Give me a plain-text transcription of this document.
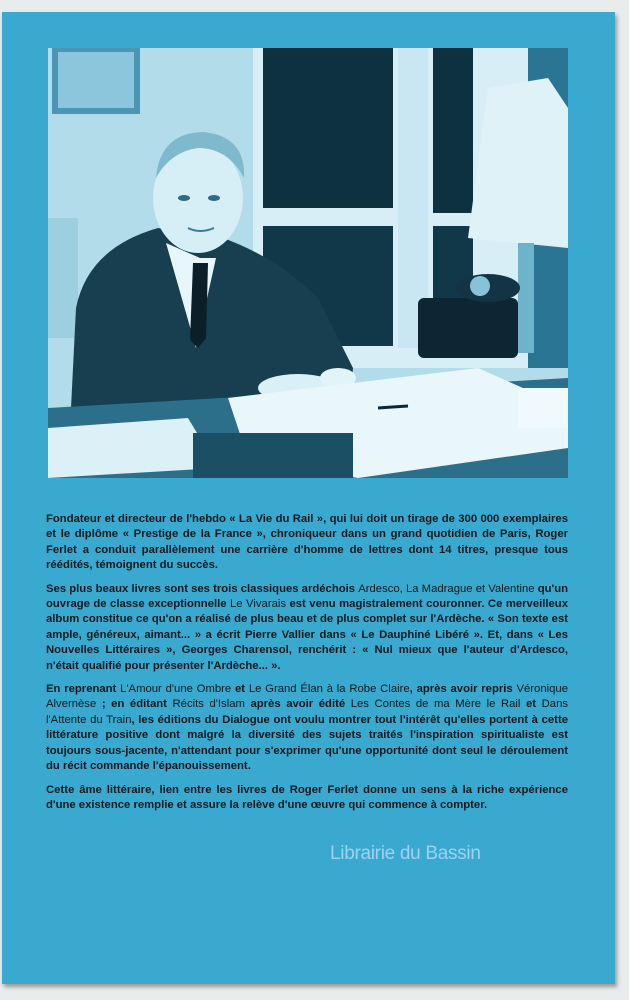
Fondateur et directeur de l'hebdo « La Vie du Rail », qui lui doit un tirage de 300 000 exemplaires et le diplôme « Prestige de la France », chroniqueur dans un grand quotidien de Paris, Roger Ferlet a conduit parallèlement une carrière d'homme de lettres dont 14 titres, presque tous réédités, témoignent du succès.

Ses plus beaux livres sont ses trois classiques ardéchois Ardesco, La Madrague et Valentine qu'un ouvrage de classe exceptionnelle Le Vivarais est venu magistralement couronner. Ce merveilleux album constitue ce qu'on a réalisé de plus beau et de plus complet sur l'Ardèche. « Son texte est ample, généreux, aimant... » a écrit Pierre Vallier dans « Le Dauphiné Libéré ». Et, dans « Les Nouvelles Littéraires », Georges Charensol, renchérit : « Nul mieux que l'auteur d'Ardesco, n'était qualifié pour présenter l'Ardèche... ».

En reprenant L'Amour d'une Ombre et Le Grand Élan à la Robe Claire, après avoir repris Véronique Alvernèse ; en éditant Récits d'Islam après avoir édité Les Contes de ma Mère le Rail et Dans l'Attente du Train, les éditions du Dialogue ont voulu montrer tout l'intérêt qu'elles portent à cette littérature positive dont malgré la diversité des sujets traités l'inspiration spiritualiste est toujours sous-jacente, n'attendant pour s'exprimer qu'une opportunité dont seul le déroulement du récit commande l'épanouissement.

Cette âme littéraire, lien entre les livres de Roger Ferlet donne un sens à la riche expérience d'une existence remplie et assure la relève d'une œuvre qui commence à compter.

Librairie du Bassin
